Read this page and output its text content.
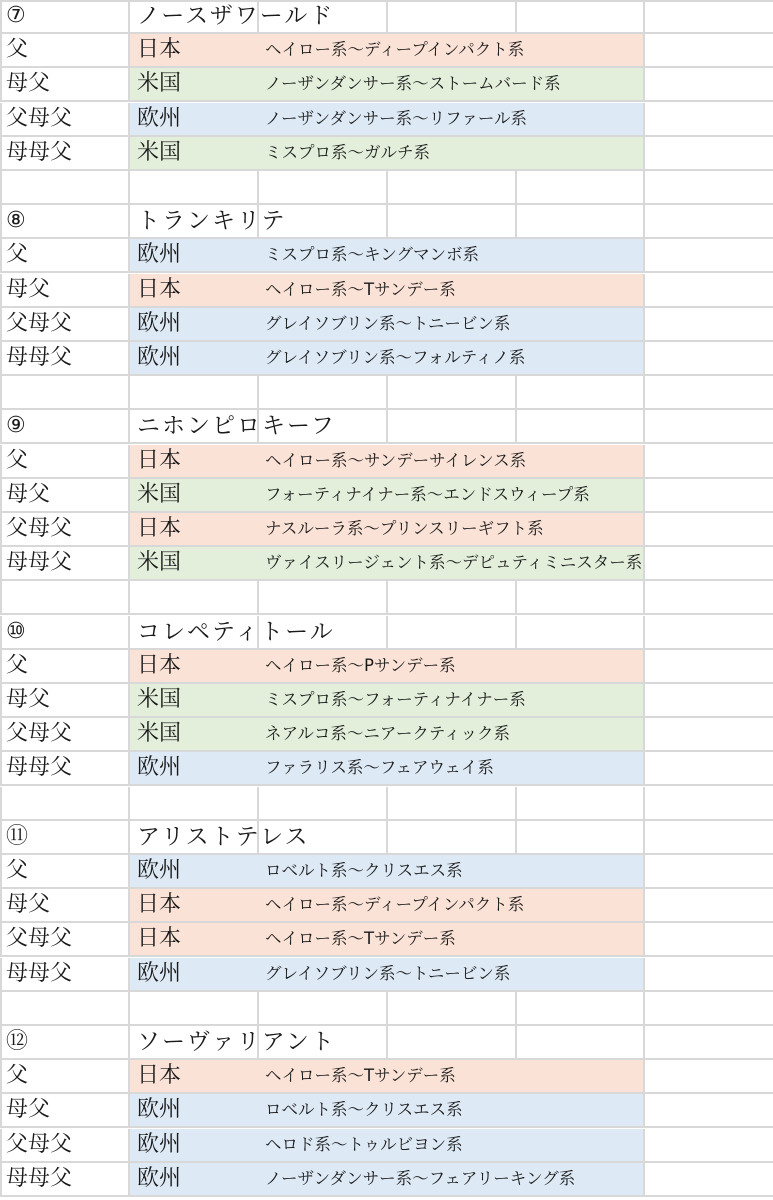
⑦	ノースザワールド
父	日本	ヘイロー系〜ディープインパクト系
母父	米国	ノーザンダンサー系〜ストームバード系
父母父	欧州	ノーザンダンサー系〜リファール系
母母父	米国	ミスプロ系〜ガルチ系
⑧	トランキリテ
父	欧州	ミスプロ系〜キングマンボ系
母父	日本	ヘイロー系〜Tサンデー系
父母父	欧州	グレイソブリン系〜トニービン系
母母父	欧州	グレイソブリン系〜フォルティノ系
⑨	ニホンピロキーフ
父	日本	ヘイロー系〜サンデーサイレンス系
母父	米国	フォーティナイナー系〜エンドスウィープ系
父母父	日本	ナスルーラ系〜プリンスリーギフト系
母母父	米国	ヴァイスリージェント系〜デピュティミニスター系
⑩	コレペティトール
父	日本	ヘイロー系〜Pサンデー系
母父	米国	ミスプロ系〜フォーティナイナー系
父母父	米国	ネアルコ系〜ニアークティック系
母母父	欧州	ファラリス系〜フェアウェイ系
⑪	アリストテレス
父	欧州	ロベルト系〜クリスエス系
母父	日本	ヘイロー系〜ディープインパクト系
父母父	日本	ヘイロー系〜Tサンデー系
母母父	欧州	グレイソブリン系〜トニービン系
⑫	ソーヴァリアント
父	日本	ヘイロー系〜Tサンデー系
母父	欧州	ロベルト系〜クリスエス系
父母父	欧州	ヘロド系〜トゥルビヨン系
母母父	欧州	ノーザンダンサー系〜フェアリーキング系
